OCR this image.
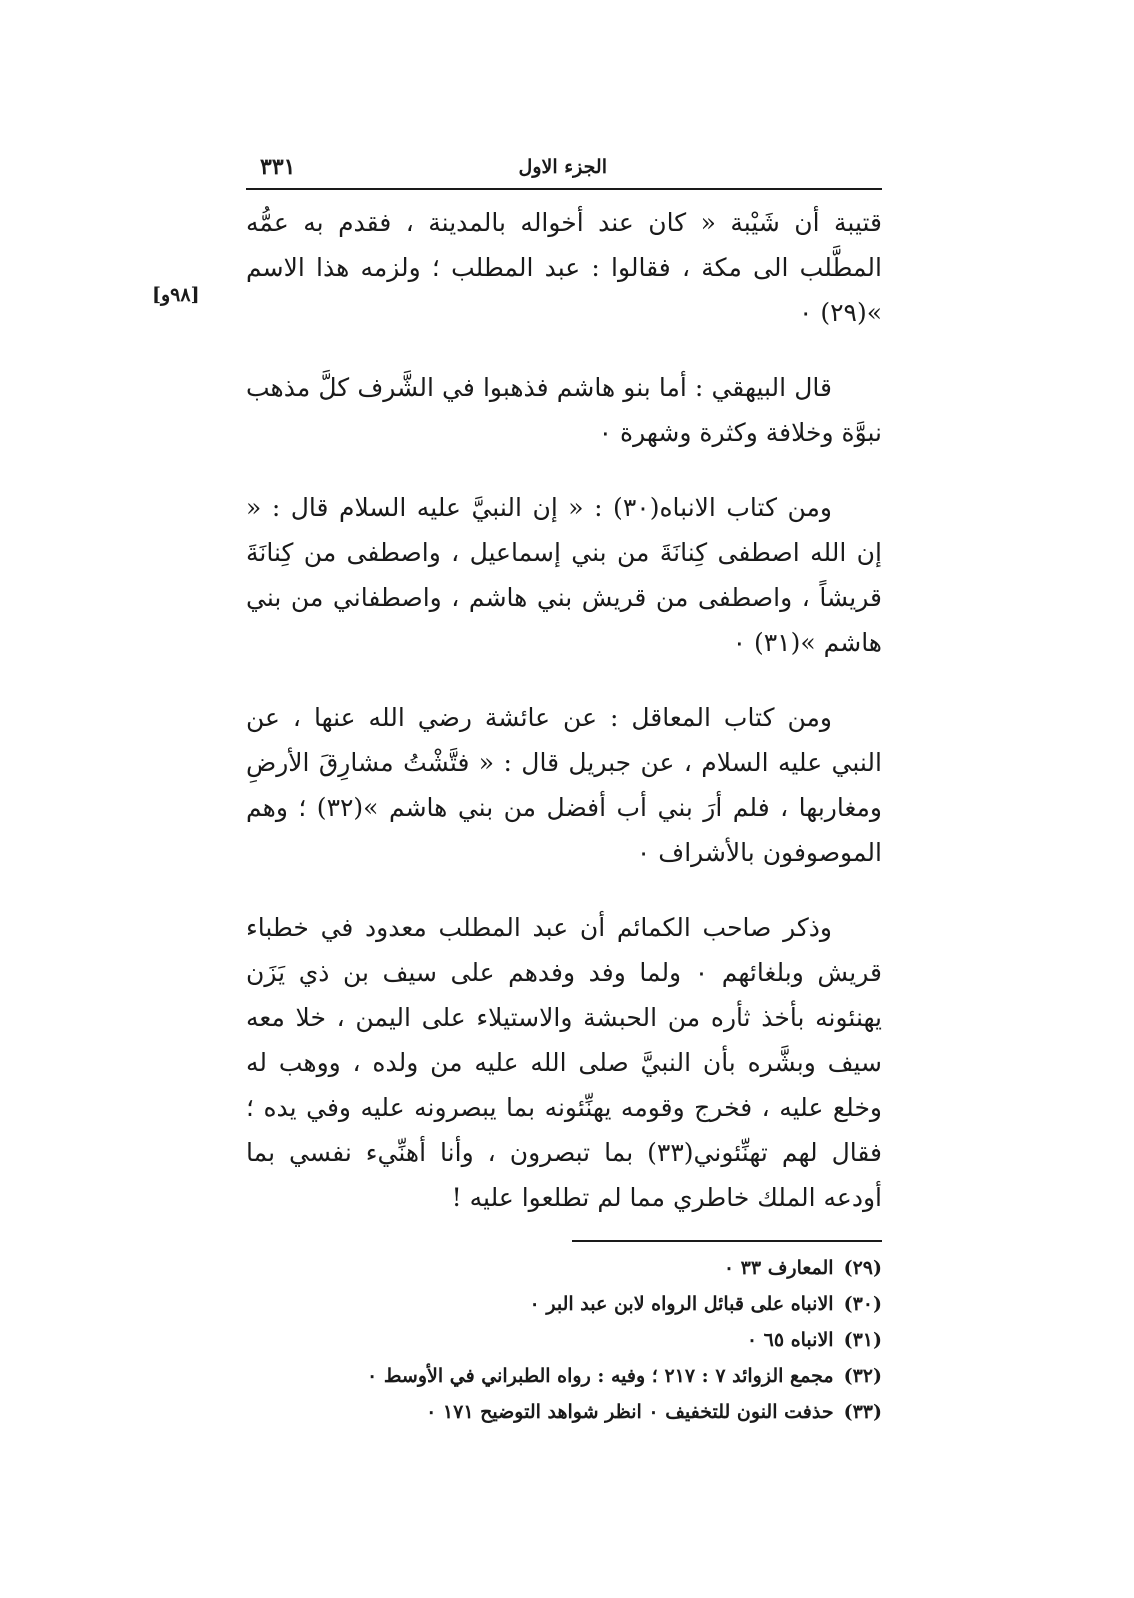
[٩٨و]
الجزء الاول
٣٣١

قتيبة أن شَيْبة « كان عند أخواله بالمدينة ، فقدم به عمُّه المطَّلب الى مكة ، فقالوا : عبد المطلب ؛ ولزمه هذا الاسم »(٢٩) ٠

قال البيهقي : أما بنو هاشم فذهبوا في الشَّرف كلَّ مذهب نبوَّة وخلافة وكثرة وشهرة ٠

ومن كتاب الانباه(٣٠) : « إن النبيَّ عليه السلام قال : « إن الله اصطفى كِنانَةَ من بني إسماعيل ، واصطفى من كِنانَةَ قريشاً ، واصطفى من قريش بني هاشم ، واصطفاني من بني هاشم »(٣١) ٠

ومن كتاب المعاقل : عن عائشة رضي الله عنها ، عن النبي عليه السلام ، عن جبريل قال : « فتَّشْتُ مشارِقَ الأرضِ ومغاربها ، فلم أرَ بني أب أفضل من بني هاشم »(٣٢) ؛ وهم الموصوفون بالأشراف ٠

وذكر صاحب الكمائم أن عبد المطلب معدود في خطباء قريش وبلغائهم ٠ ولما وفد وفدهم على سيف بن ذي يَزَن يهنئونه بأخذ ثأره من الحبشة والاستيلاء على اليمن ، خلا معه سيف وبشَّره بأن النبيَّ صلى الله عليه من ولده ، ووهب له وخلع عليه ، فخرج وقومه يهنِّئونه بما يبصرونه عليه وفي يده ؛ فقال لهم تهنِّئوني(٣٣) بما تبصرون ، وأنا أهنِّيء نفسي بما أودعه الملك خاطري مما لم تطلعوا عليه !

(٢٩)المعارف ٣٣ ٠

(٣٠)الانباه على قبائل الرواه لابن عبد البر ٠

(٣١)الانباه ٦٥ ٠

(٣٢)مجمع الزوائد ٧ : ٢١٧ ؛ وفيه : رواه الطبراني في الأوسط ٠

(٣٣)حذفت النون للتخفيف ٠ انظر شواهد التوضيح ١٧١ ٠
